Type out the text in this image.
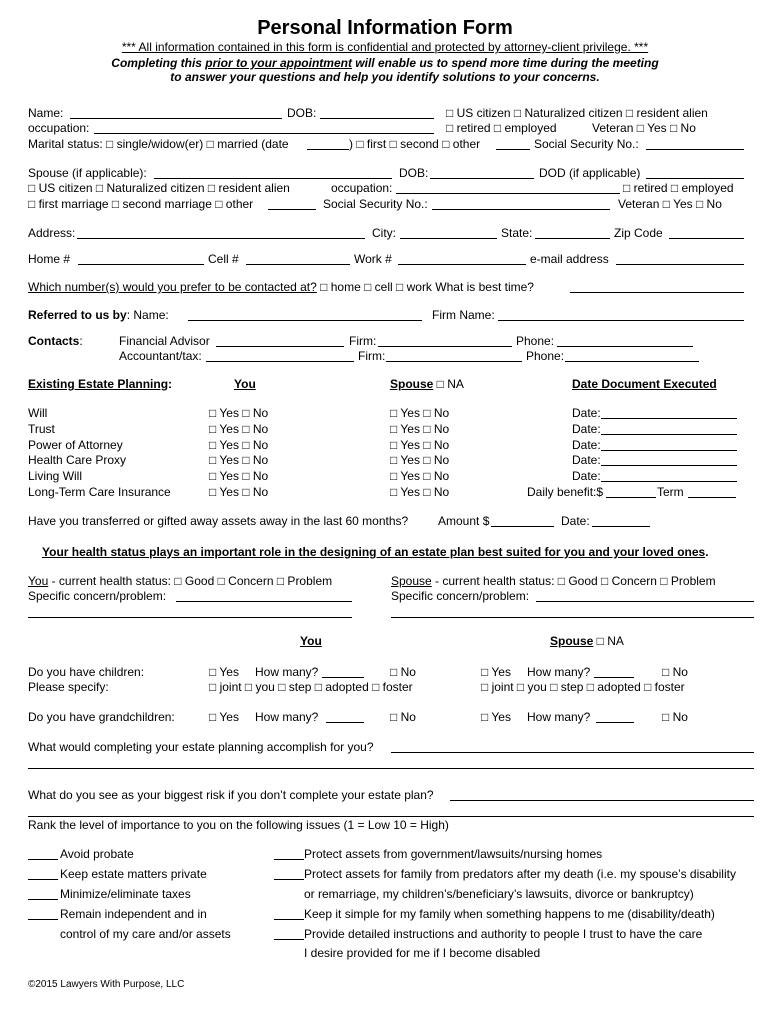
Personal Information Form
*** All information contained in this form is confidential and protected by attorney-client privilege. ***
Completing this prior to your appointment will enable us to spend more time during the meeting
to answer your questions and help you identify solutions to your concerns.
Name:	DOB:	□ US citizen □ Naturalized citizen □ resident alien
occupation:	□ retired □ employed	Veteran □ Yes □ No
Marital status: □ single/widow(er) □ married (date	) □ first □ second □ other	Social Security No.:
Spouse (if applicable):	DOB:	DOD (if applicable)
□ US citizen □ Naturalized citizen □ resident alien	occupation:	□ retired □ employed
□ first marriage □ second marriage □ other	Social Security No.:	Veteran □ Yes □ No
Address:	City:	State:	Zip Code
Home #	Cell #	Work #	e-mail address
Which number(s) would you prefer to be contacted at? □ home □ cell □ work What is best time?
Referred to us by: Name:	Firm Name:
Contacts:	Financial Advisor	Firm:	Phone:
Accountant/tax:	Firm:	Phone:
Existing Estate Planning:	You	Spouse □ NA	Date Document Executed
Will	□ Yes □ No	□ Yes □ No	Date:
Trust	□ Yes □ No	□ Yes □ No	Date:
Power of Attorney	□ Yes □ No	□ Yes □ No	Date:
Health Care Proxy	□ Yes □ No	□ Yes □ No	Date:
Living Will	□ Yes □ No	□ Yes □ No	Date:
Long-Term Care Insurance	□ Yes □ No	□ Yes □ No	Daily benefit:$	Term
Have you transferred or gifted away assets away in the last 60 months? Amount $	Date:
Your health status plays an important role in the designing of an estate plan best suited for you and your loved ones.
You - current health status: □ Good □ Concern □ Problem	Spouse - current health status: □ Good □ Concern □ Problem
Specific concern/problem:	Specific concern/problem:
You	Spouse □ NA
Do you have children:	□ Yes How many?	□ No	□ Yes How many?	□ No
Please specify:	□ joint □ you □ step □ adopted □ foster	□ joint □ you □ step □ adopted □ foster
Do you have grandchildren:	□ Yes How many?	□ No	□ Yes How many?	□ No
What would completing your estate planning accomplish for you?
What do you see as your biggest risk if you don’t complete your estate plan?
Rank the level of importance to you on the following issues (1 = Low 10 = High)
Avoid probate
Keep estate matters private
Minimize/eliminate taxes
Remain independent and in
control of my care and/or assets
Protect assets from government/lawsuits/nursing homes
Protect assets for family from predators after my death (i.e. my spouse’s disability
or remarriage, my children’s/beneficiary’s lawsuits, divorce or bankruptcy)
Keep it simple for my family when something happens to me (disability/death)
Provide detailed instructions and authority to people I trust to have the care
I desire provided for me if I become disabled
©2015 Lawyers With Purpose, LLC
